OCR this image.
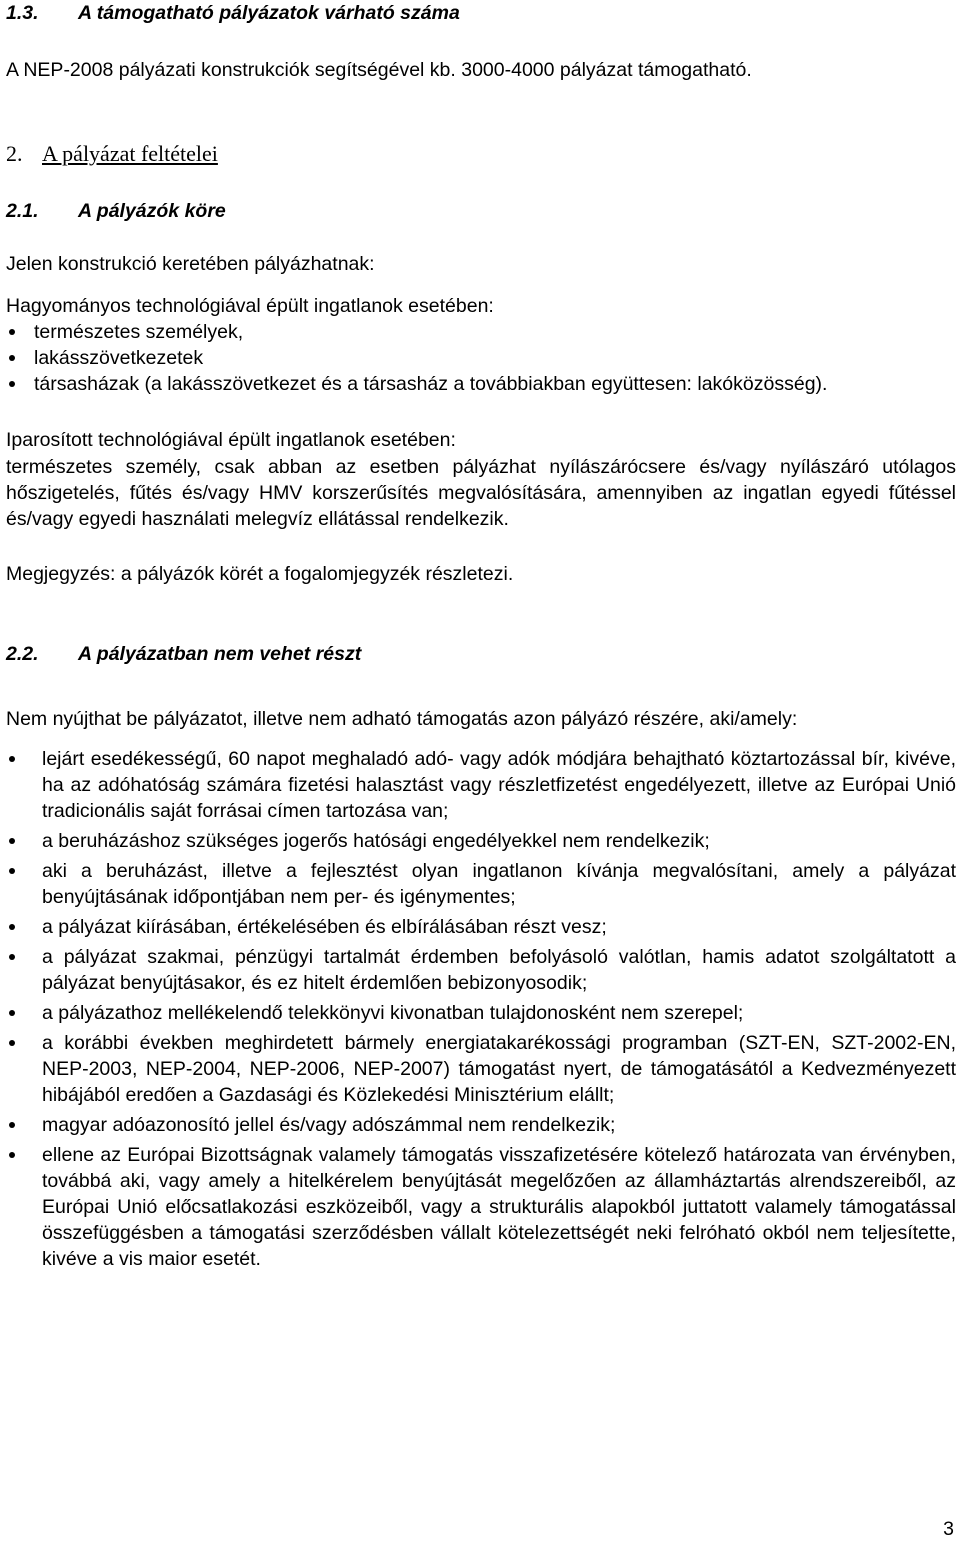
1.3. A támogatható pályázatok várható száma
A NEP-2008 pályázati konstrukciók segítségével kb. 3000-4000 pályázat támogatható.
2. A pályázat feltételei
2.1. A pályázók köre
Jelen konstrukció keretében pályázhatnak:
Hagyományos technológiával épült ingatlanok esetében:
természetes személyek,
lakásszövetkezetek
társasházak (a lakásszövetkezet és a társasház a továbbiakban együttesen: lakóközösség).
Iparosított technológiával épült ingatlanok esetében:
természetes személy, csak abban az esetben pályázhat nyílászárócsere és/vagy nyílászáró utólagos hőszigetelés, fűtés és/vagy HMV korszerűsítés megvalósítására, amennyiben az ingatlan egyedi fűtéssel és/vagy egyedi használati melegvíz ellátással rendelkezik.
Megjegyzés: a pályázók körét a fogalomjegyzék részletezi.
2.2. A pályázatban nem vehet részt
Nem nyújthat be pályázatot, illetve nem adható támogatás azon pályázó részére, aki/amely:
lejárt esedékességű, 60 napot meghaladó adó- vagy adók módjára behajtható köztartozással bír, kivéve, ha az adóhatóság számára fizetési halasztást vagy részletfizetést engedélyezett, illetve az Európai Unió tradicionális saját forrásai címen tartozása van;
a beruházáshoz szükséges jogerős hatósági engedélyekkel nem rendelkezik;
aki a beruházást, illetve a fejlesztést olyan ingatlanon kívánja megvalósítani, amely a pályázat benyújtásának időpontjában nem per- és igénymentes;
a pályázat kiírásában, értékelésében és elbírálásában részt vesz;
a pályázat szakmai, pénzügyi tartalmát érdemben befolyásoló valótlan, hamis adatot szolgáltatott a pályázat benyújtásakor, és ez hitelt érdemlően bebizonyosodik;
a pályázathoz mellékelendő telekkönyvi kivonatban tulajdonosként nem szerepel;
a korábbi években meghirdetett bármely energiatakarékossági programban (SZT-EN, SZT-2002-EN, NEP-2003, NEP-2004, NEP-2006, NEP-2007) támogatást nyert, de támogatásától a Kedvezményezett hibájából eredően a Gazdasági és Közlekedési Minisztérium elállt;
magyar adóazonosító jellel és/vagy adószámmal nem rendelkezik;
ellene az Európai Bizottságnak valamely támogatás visszafizetésére kötelező határozata van érvényben, továbbá aki, vagy amely a hitelkérelem benyújtását megelőzően az államháztartás alrendszereiből, az Európai Unió előcsatlakozási eszközeiből, vagy a strukturális alapokból juttatott valamely támogatással összefüggésben a támogatási szerződésben vállalt kötelezettségét neki felróható okból nem teljesítette, kivéve a vis maior esetét.
3
